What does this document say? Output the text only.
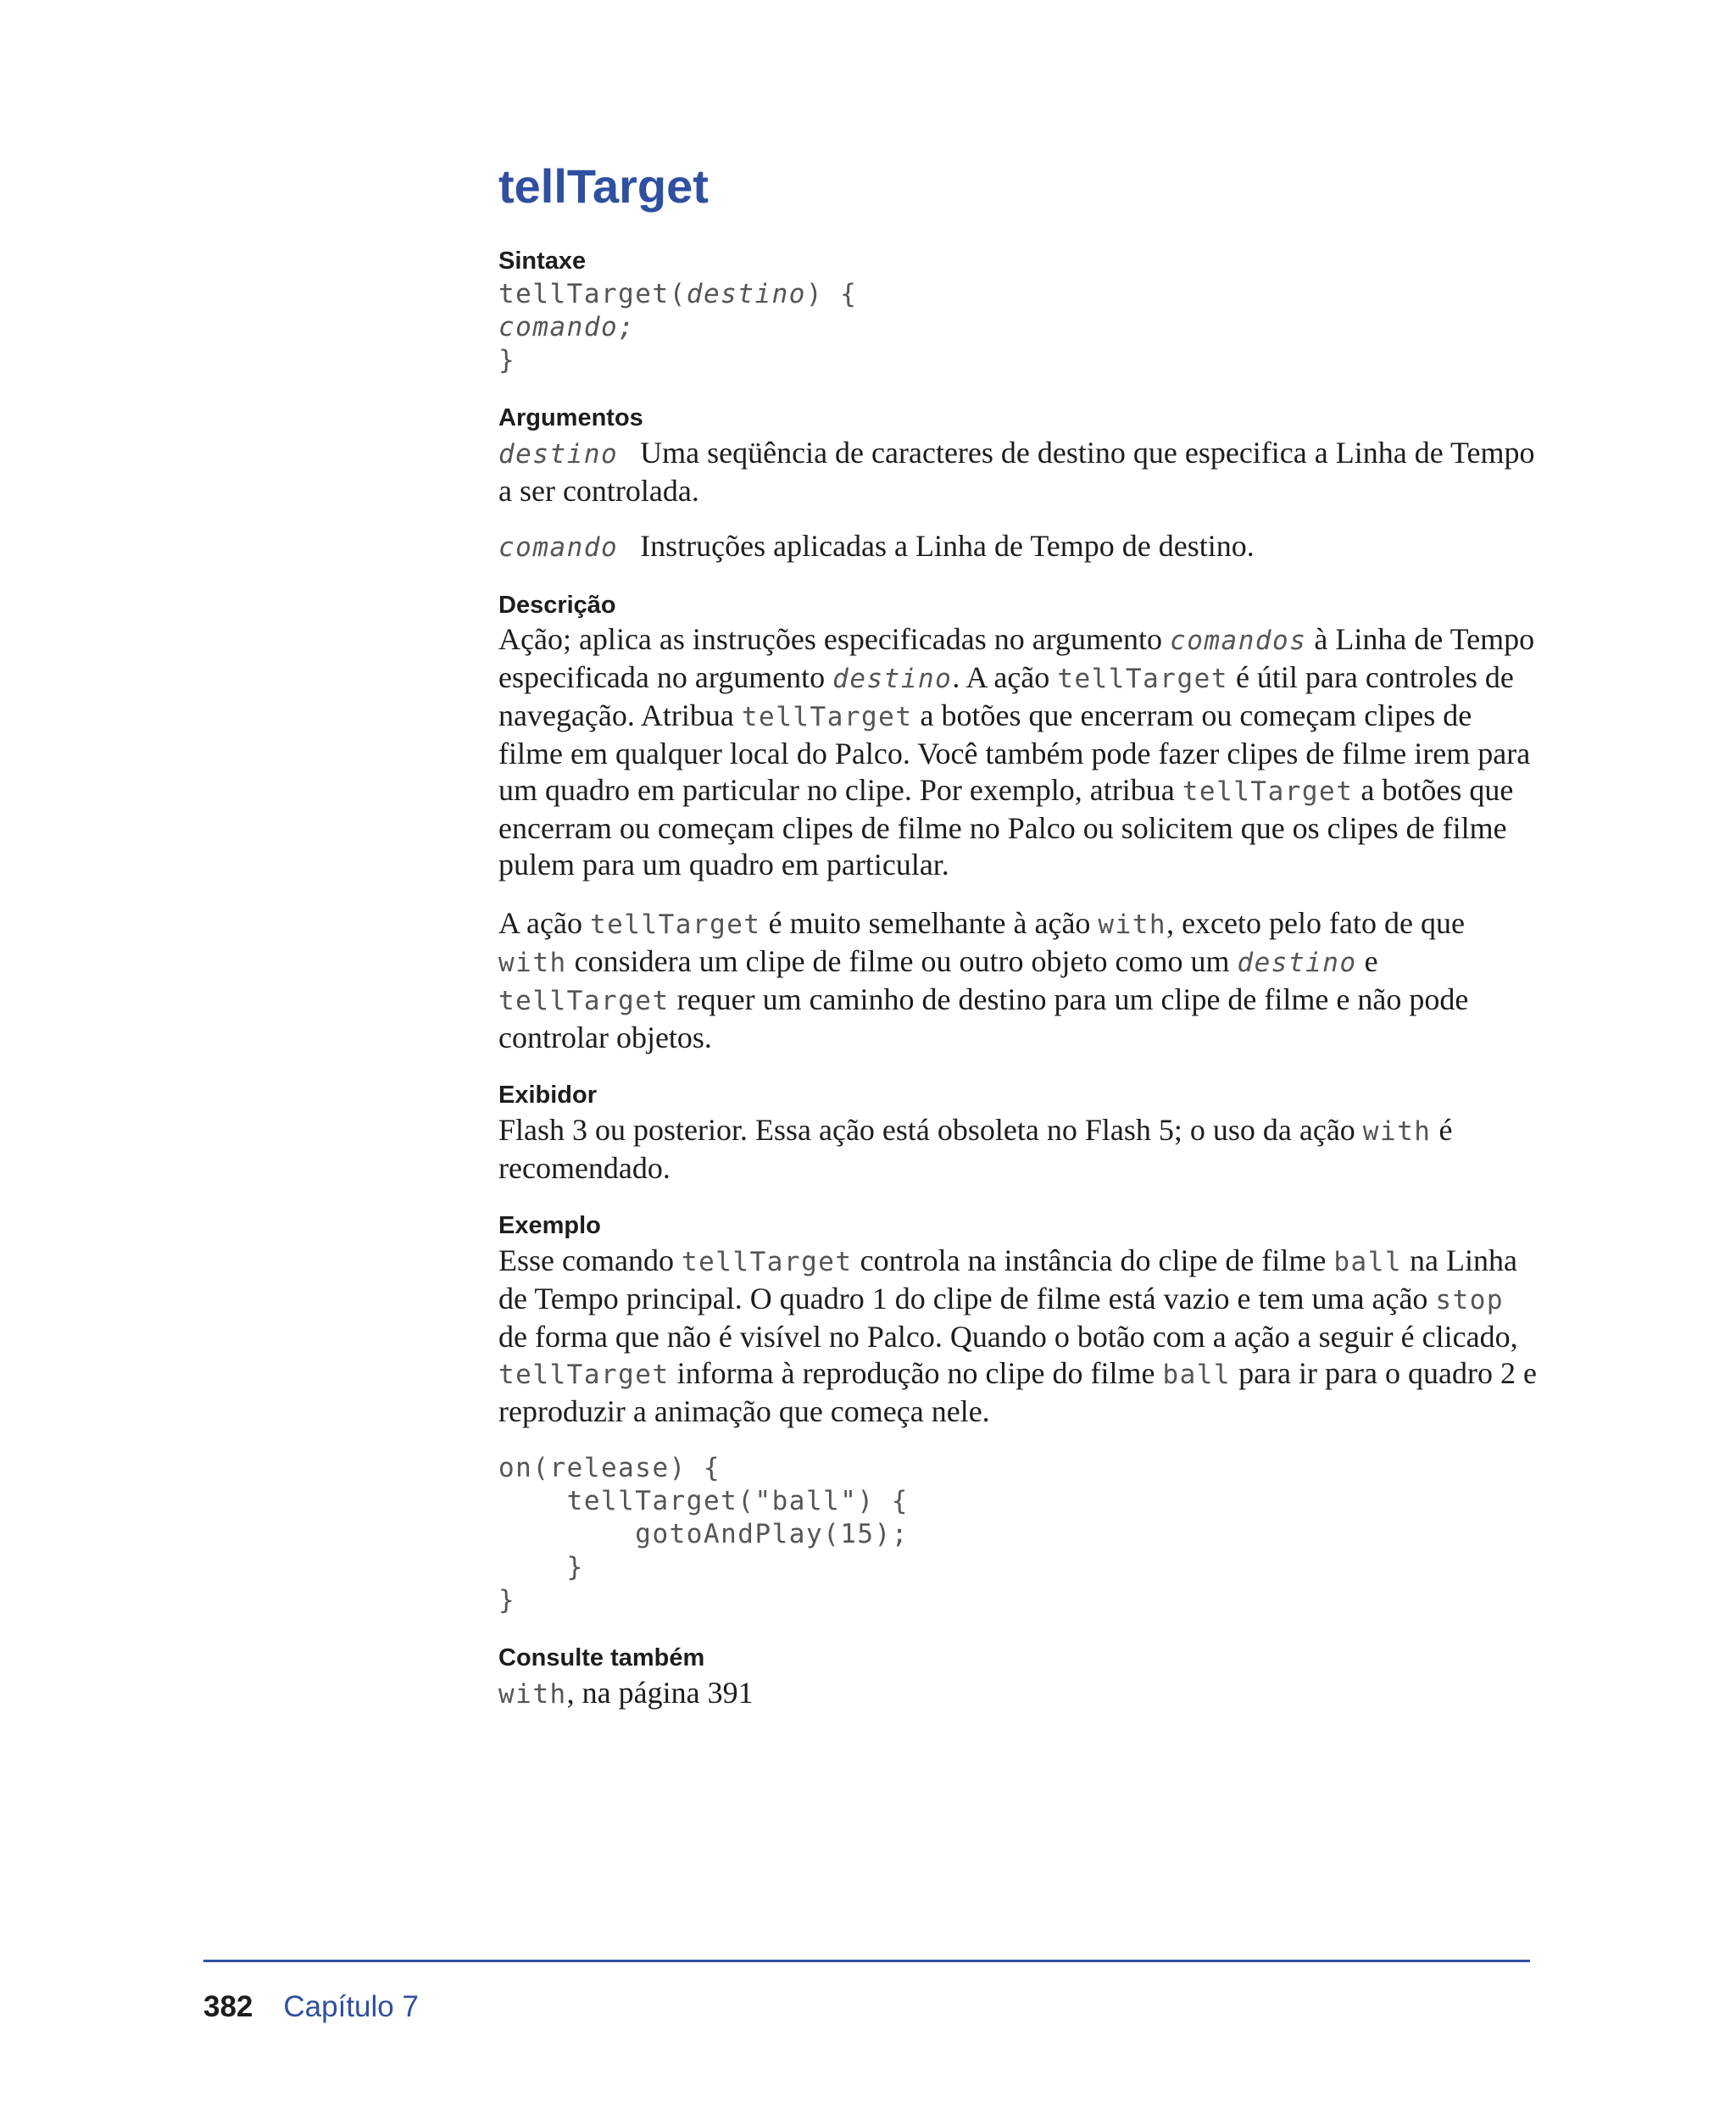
tellTarget
Sintaxe
tellTarget(destino) {
comando;
}
Argumentos

destino Uma seqüência de caracteres de destino que especifica a Linha de Tempo a ser controlada.

comando Instruções aplicadas a Linha de Tempo de destino.

Descrição

Ação; aplica as instruções especificadas no argumento comandos à Linha de Tempo especificada no argumento destino. A ação tellTarget é útil para controles de navegação. Atribua tellTarget a botões que encerram ou começam clipes de filme em qualquer local do Palco. Você também pode fazer clipes de filme irem para um quadro em particular no clipe. Por exemplo, atribua tellTarget a botões que encerram ou começam clipes de filme no Palco ou solicitem que os clipes de filme pulem para um quadro em particular.

A ação tellTarget é muito semelhante à ação with, exceto pelo fato de que with considera um clipe de filme ou outro objeto como um destino e tellTarget requer um caminho de destino para um clipe de filme e não pode controlar objetos.

Exibidor

Flash 3 ou posterior. Essa ação está obsoleta no Flash 5; o uso da ação with é recomendado.

Exemplo

Esse comando tellTarget controla na instância do clipe de filme ball na Linha de Tempo principal. O quadro 1 do clipe de filme está vazio e tem uma ação stop de forma que não é visível no Palco. Quando o botão com a ação a seguir é clicado, tellTarget informa à reprodução no clipe do filme ball para ir para o quadro 2 e reproduzir a animação que começa nele.

on(release) {
tellTarget("ball") {
gotoAndPlay(15);
}
}
Consulte também

with, na página 391

382 Capítulo 7
